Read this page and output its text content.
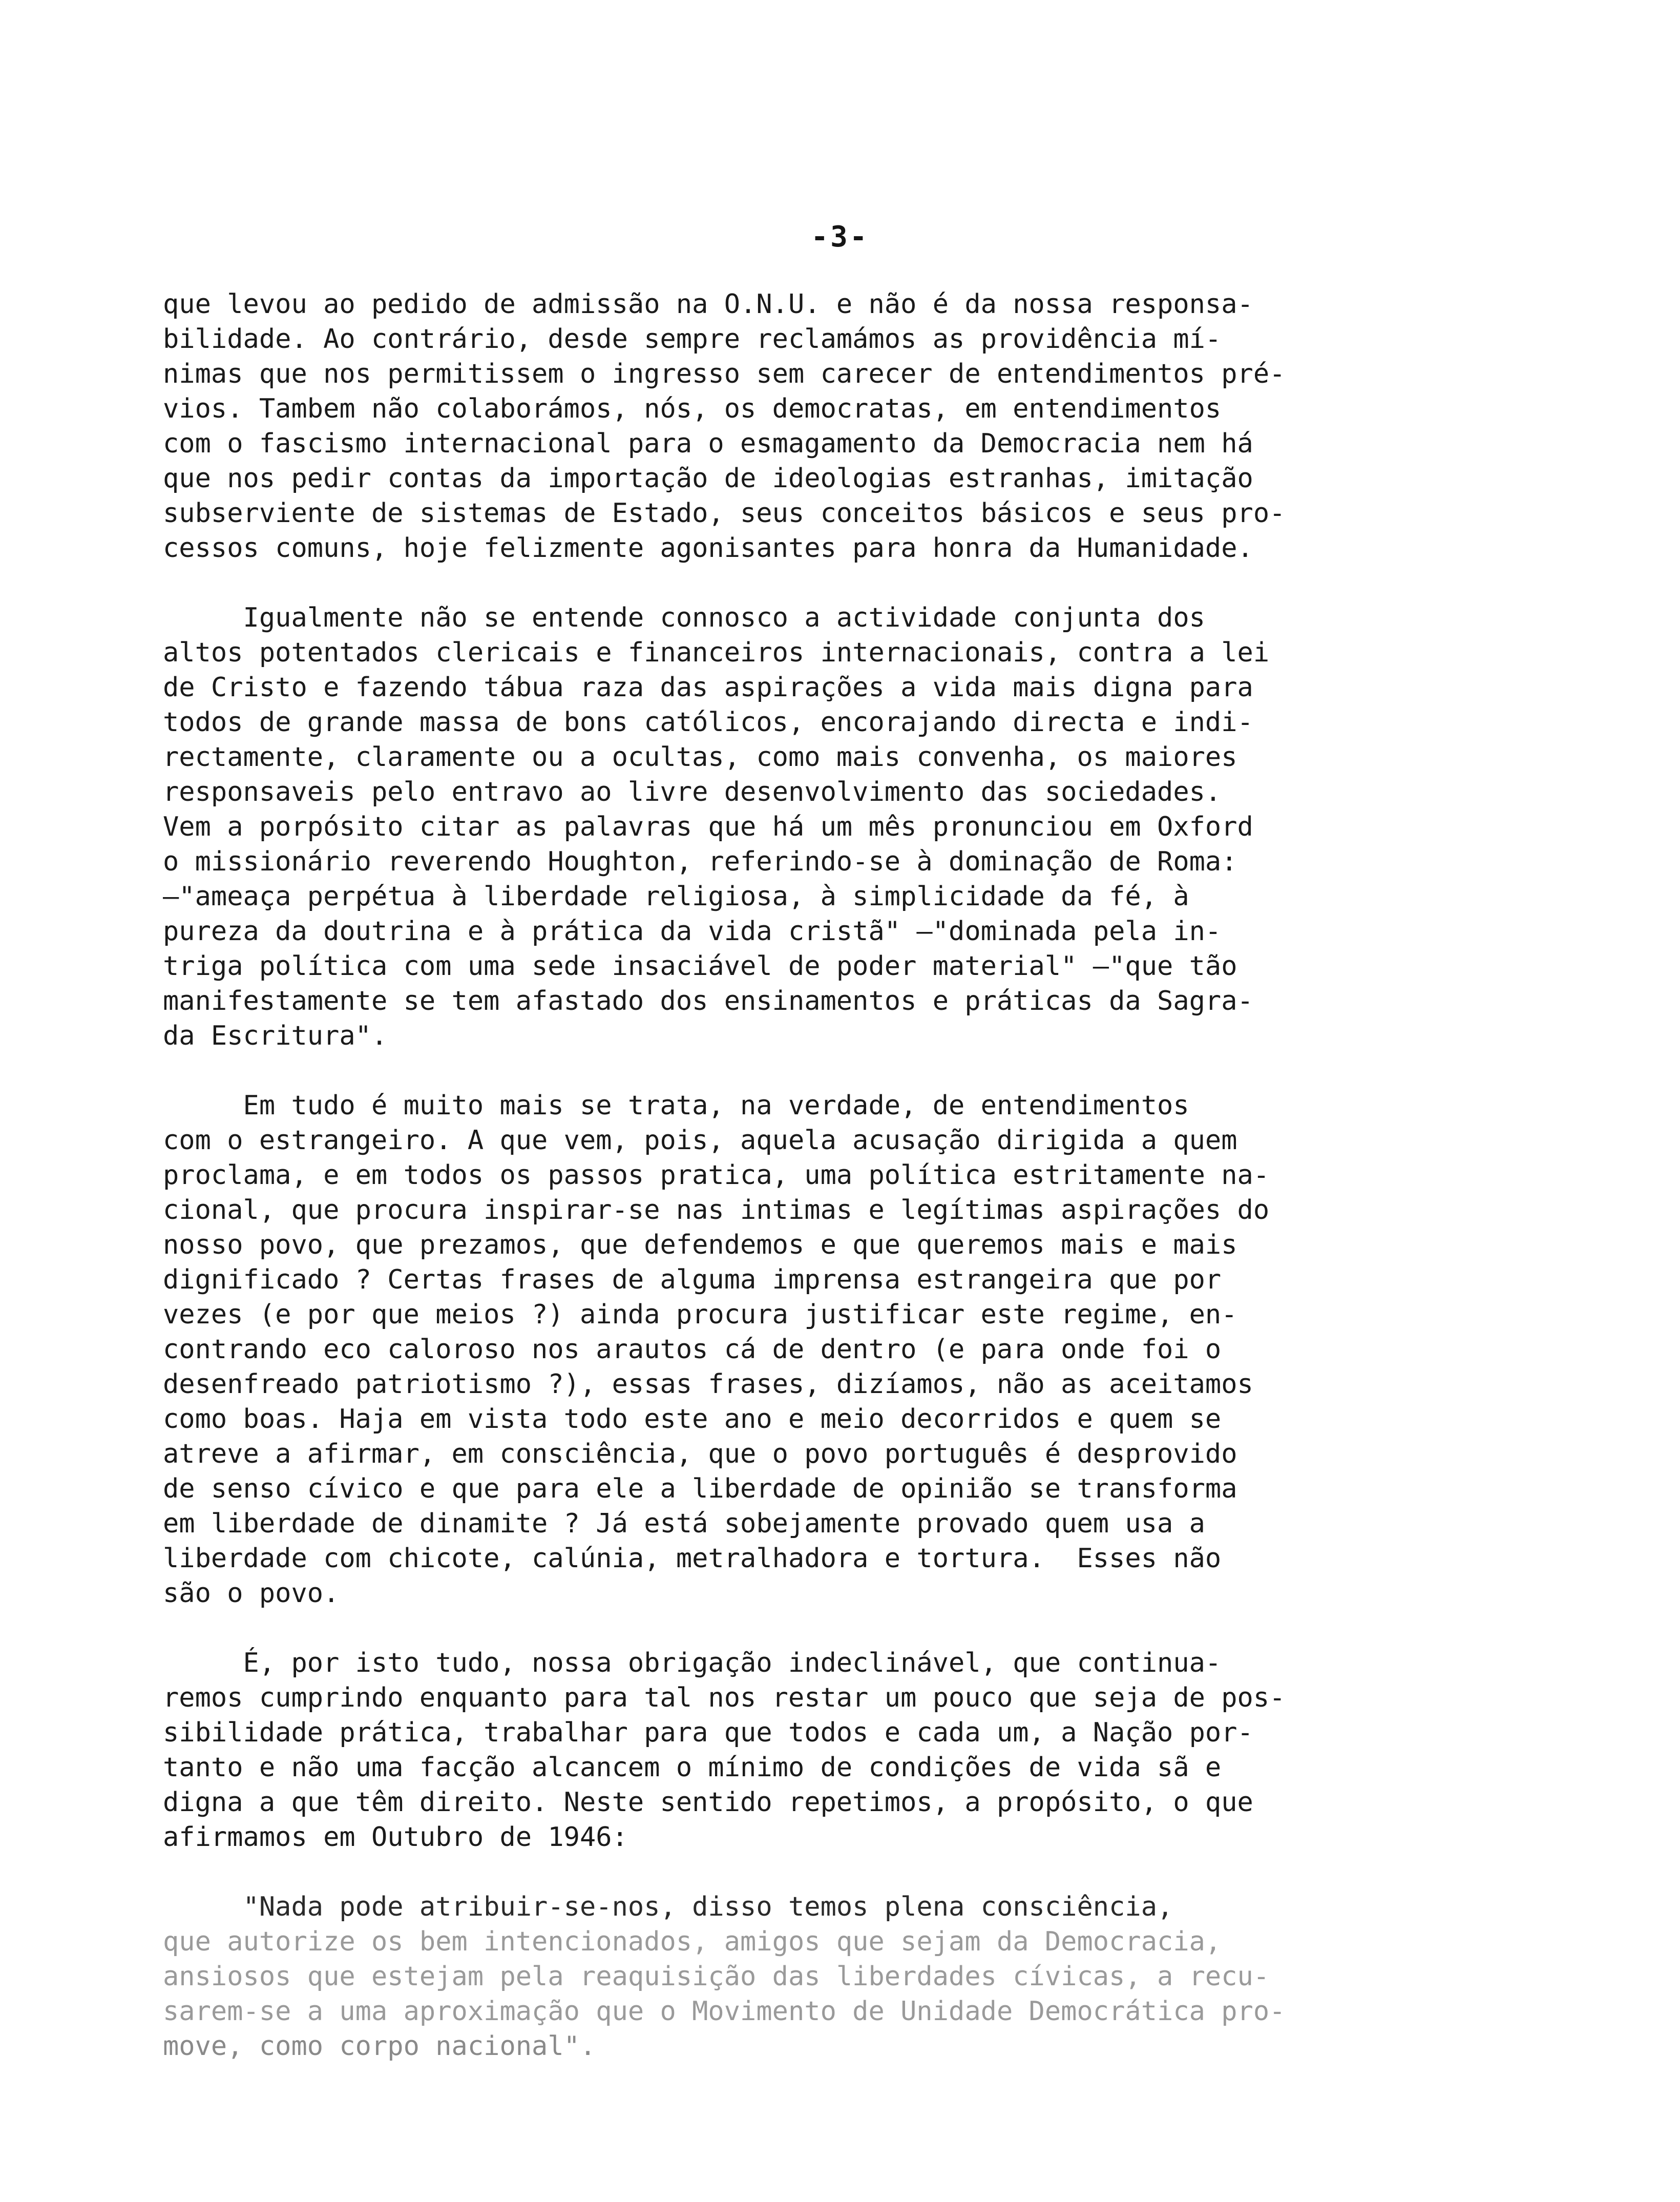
-3-
que levou ao pedido de admissão na O.N.U. e não é da nossa responsa-
bilidade. Ao contrário, desde sempre reclamámos as providência mí-
nimas que nos permitissem o ingresso sem carecer de entendimentos pré-
vios. Tambem não colaborámos, nós, os democratas, em entendimentos
com o fascismo internacional para o esmagamento da Democracia nem há
que nos pedir contas da importação de ideologias estranhas, imitação
subserviente de sistemas de Estado, seus conceitos básicos e seus pro-
cessos comuns, hoje felizmente agonisantes para honra da Humanidade.
Igualmente não se entende connosco a actividade conjunta dos
altos potentados clericais e financeiros internacionais, contra a lei
de Cristo e fazendo tábua raza das aspirações a vida mais digna para
todos de grande massa de bons católicos, encorajando directa e indi-
rectamente, claramente ou a ocultas, como mais convenha, os maiores
responsaveis pelo entravo ao livre desenvolvimento das sociedades.
Vem a porpósito citar as palavras que há um mês pronunciou em Oxford
o missionário reverendo Houghton, referindo-se à dominação de Roma:
—"ameaça perpétua à liberdade religiosa, à simplicidade da fé, à
pureza da doutrina e à prática da vida cristã" —"dominada pela in-
triga política com uma sede insaciável de poder material" —"que tão
manifestamente se tem afastado dos ensinamentos e práticas da Sagra-
da Escritura".
Em tudo é muito mais se trata, na verdade, de entendimentos
com o estrangeiro. A que vem, pois, aquela acusação dirigida a quem
proclama, e em todos os passos pratica, uma política estritamente na-
cional, que procura inspirar-se nas intimas e legítimas aspirações do
nosso povo, que prezamos, que defendemos e que queremos mais e mais
dignificado ? Certas frases de alguma imprensa estrangeira que por
vezes (e por que meios ?) ainda procura justificar este regime, en-
contrando eco caloroso nos arautos cá de dentro (e para onde foi o
desenfreado patriotismo ?), essas frases, dizíamos, não as aceitamos
como boas. Haja em vista todo este ano e meio decorridos e quem se
atreve a afirmar, em consciência, que o povo português é desprovido
de senso cívico e que para ele a liberdade de opinião se transforma
em liberdade de dinamite ? Já está sobejamente provado quem usa a
liberdade com chicote, calúnia, metralhadora e tortura.  Esses não
são o povo.
É, por isto tudo, nossa obrigação indeclinável, que continua-
remos cumprindo enquanto para tal nos restar um pouco que seja de pos-
sibilidade prática, trabalhar para que todos e cada um, a Nação por-
tanto e não uma facção alcancem o mínimo de condições de vida sã e
digna a que têm direito. Neste sentido repetimos, a propósito, o que
afirmamos em Outubro de 1946:
"Nada pode atribuir-se-nos, disso temos plena consciência,
que autorize os bem intencionados, amigos que sejam da Democracia,
ansiosos que estejam pela reaquisição das liberdades cívicas, a recu-
sarem-se a uma aproximação que o Movimento de Unidade Democrática pro-
move, como corpo nacional".
